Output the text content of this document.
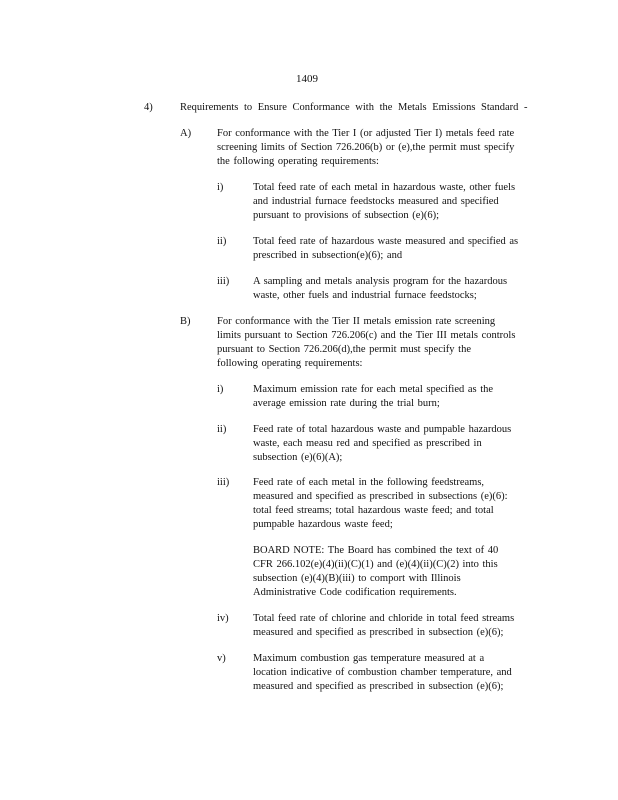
1409
4)	Requirements to Ensure Conformance with the Metals Emissions Standard -
A) For conformance with the Tier I (or adjusted Tier I) metals feed rate
screening limits of Section 726.206(b) or (e),the permit must specify
the following operating requirements:
i)	Total feed rate of each metal in hazardous waste, other fuels
and industrial furnace feedstocks measured and specified
pursuant to provisions of subsection (e)(6);
ii)	Total feed rate of hazardous waste measured and specified as
prescribed in subsection(e)(6); and
iii) A sampling and metals analysis program for the hazardous
waste, other fuels and industrial furnace feedstocks;
B)	For conformance with the Tier II metals emission rate screening
limits pursuant to Section 726.206(c) and the Tier III metals controls
pursuant to Section 726.206(d),the permit must specify the
following operating requirements:
i)	Maximum emission rate for each metal specified as the
average emission rate during the trial burn;
ii)	Feed rate of total hazardous waste and pumpable hazardous
waste, each measu red and specified as prescribed in
subsection (e)(6)(A);
iii) Feed rate of each metal in the following feedstreams,
measured and specified as prescribed in subsections (e)(6):
total feed streams; total hazardous waste feed; and total
pumpable hazardous waste feed;
BOARD NOTE: The Board has combined the text of 40
CFR 266.102(e)(4)(ii)(C)(1) and (e)(4)(ii)(C)(2) into this
subsection (e)(4)(B)(iii) to comport with Illinois
Administrative Code codification requirements.
iv) Total feed rate of chlorine and chloride in total feed streams
measured and specified as prescribed in subsection (e)(6);
v)	Maximum combustion gas temperature measured at a
location indicative of combustion chamber temperature, and
measured and specified as prescribed in subsection (e)(6);
